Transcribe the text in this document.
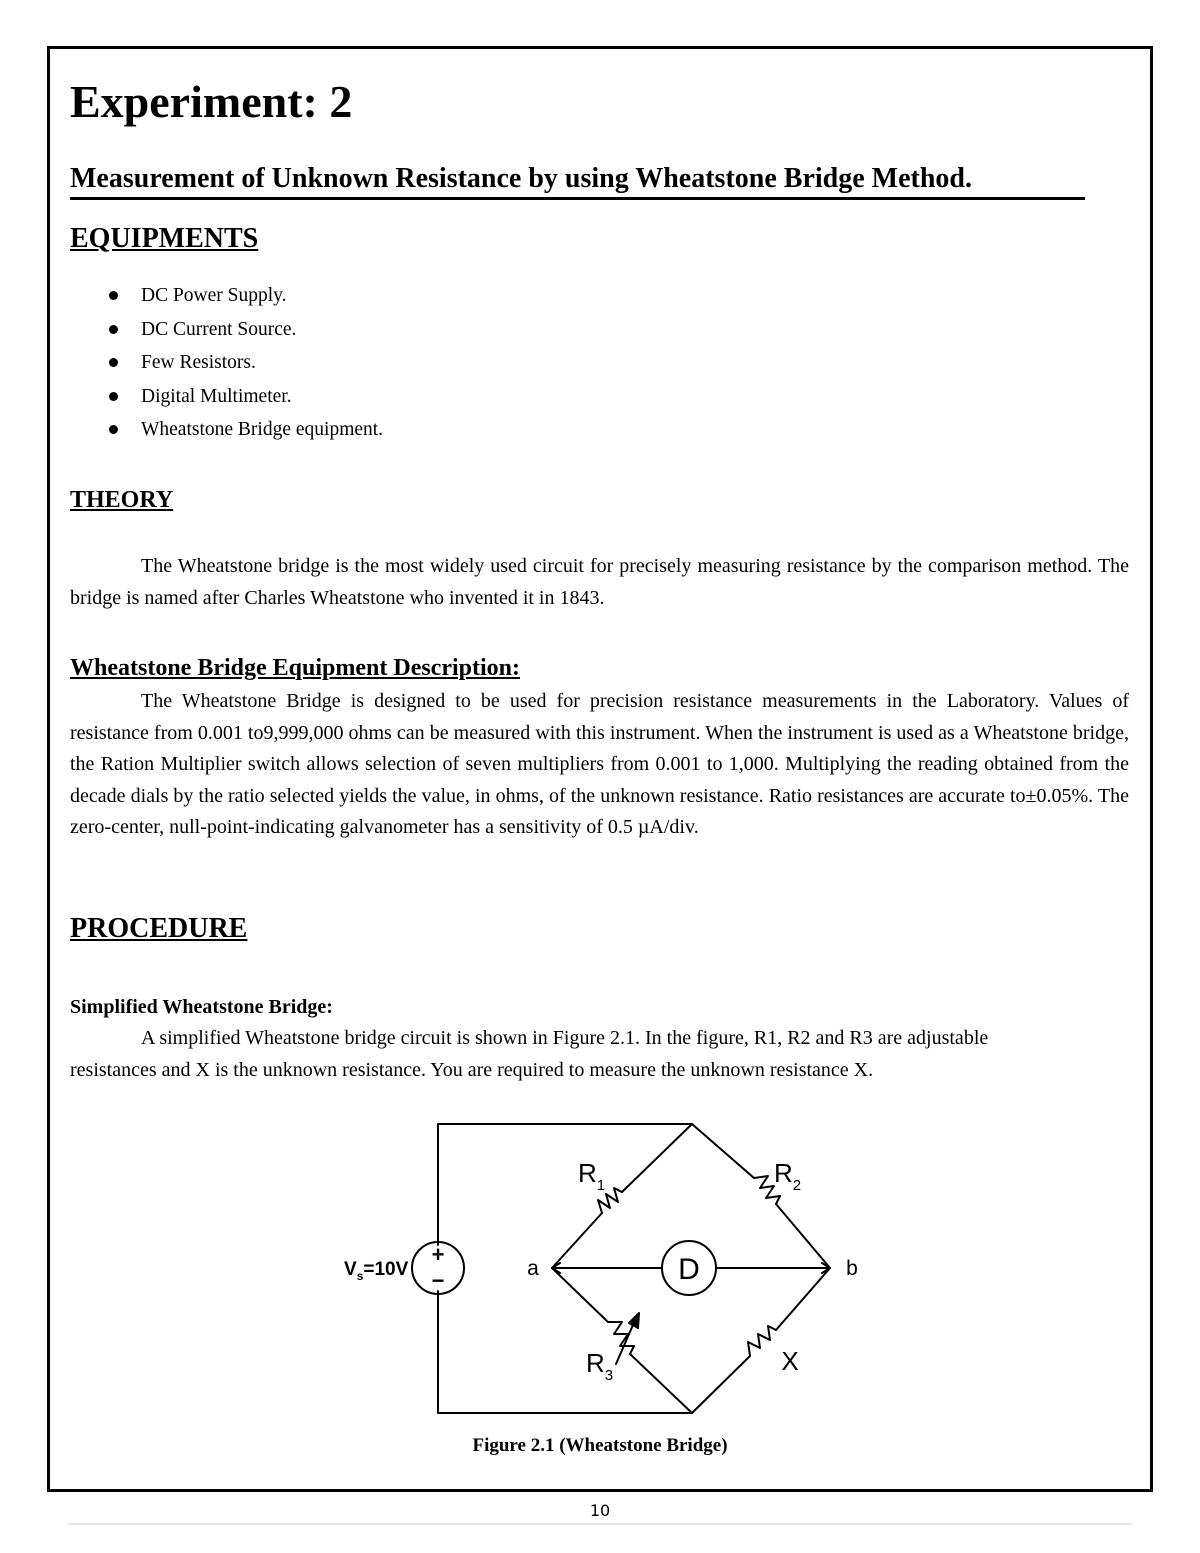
Experiment: 2
Measurement of Unknown Resistance by using Wheatstone Bridge Method.
EQUIPMENTS
DC Power Supply.
DC Current Source.
Few Resistors.
Digital Multimeter.
Wheatstone Bridge equipment.
THEORY

The Wheatstone bridge is the most widely used circuit for precisely measuring resistance by the comparison method. The bridge is named after Charles Wheatstone who invented it in 1843.

Wheatstone Bridge Equipment Description:

The Wheatstone Bridge is designed to be used for precision resistance measurements in the Laboratory. Values of resistance from 0.001 to9,999,000 ohms can be measured with this instrument. When the instrument is used as a Wheatstone bridge, the Ration Multiplier switch allows selection of seven multipliers from 0.001 to 1,000. Multiplying the reading obtained from the decade dials by the ratio selected yields the value, in ohms, of the unknown resistance. Ratio resistances are accurate to±0.05%. The zero-center, null-point-indicating galvanometer has a sensitivity of 0.5 µA/div.

PROCEDURE
Simplified Wheatstone Bridge:

A simplified Wheatstone bridge circuit is shown in Figure 2.1. In the figure, R1, R2 and R3 are adjustableresistances and X is the unknown resistance. You are required to measure the unknown resistance X.

+
−	D
a	b
X
$V_s=10V$
$R_1$	$R_2$
$R_3$

Figure 2.1 (Wheatstone Bridge)

10
